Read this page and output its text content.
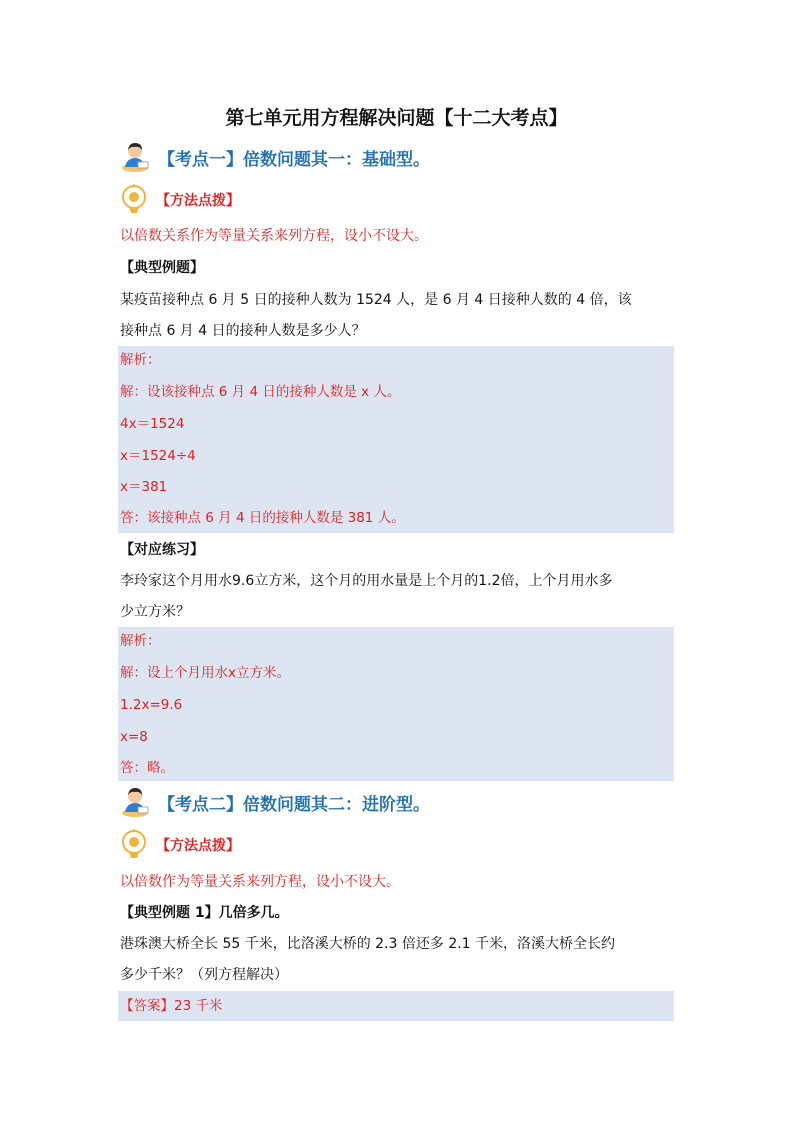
第七单元用方程解决问题【十二大考点】
【考点一】倍数问题其一：基础型。
【方法点拨】
以倍数关系作为等量关系来列方程，设小不设大。
【典型例题】
某疫苗接种点 6 月 5 日的接种人数为 1524 人，是 6 月 4 日接种人数的 4 倍，该
接种点 6 月 4 日的接种人数是多少人？
解析：
解：设该接种点 6 月 4 日的接种人数是 x 人。
4x＝1524
x＝1524÷4
x＝381
答：该接种点 6 月 4 日的接种人数是 381 人。
【对应练习】
李玲家这个月用水9.6立方米，这个月的用水量是上个月的1.2倍，上个月用水多
少立方米？
解析：
解：设上个月用水x立方米。
1.2x=9.6
x=8
答：略。
【考点二】倍数问题其二：进阶型。
【方法点拨】
以倍数作为等量关系来列方程，设小不设大。
【典型例题 1】几倍多几。
港珠澳大桥全长 55 千米，比洛溪大桥的 2.3 倍还多 2.1 千米，洛溪大桥全长约
多少千米？（列方程解决）
【答案】23 千米
